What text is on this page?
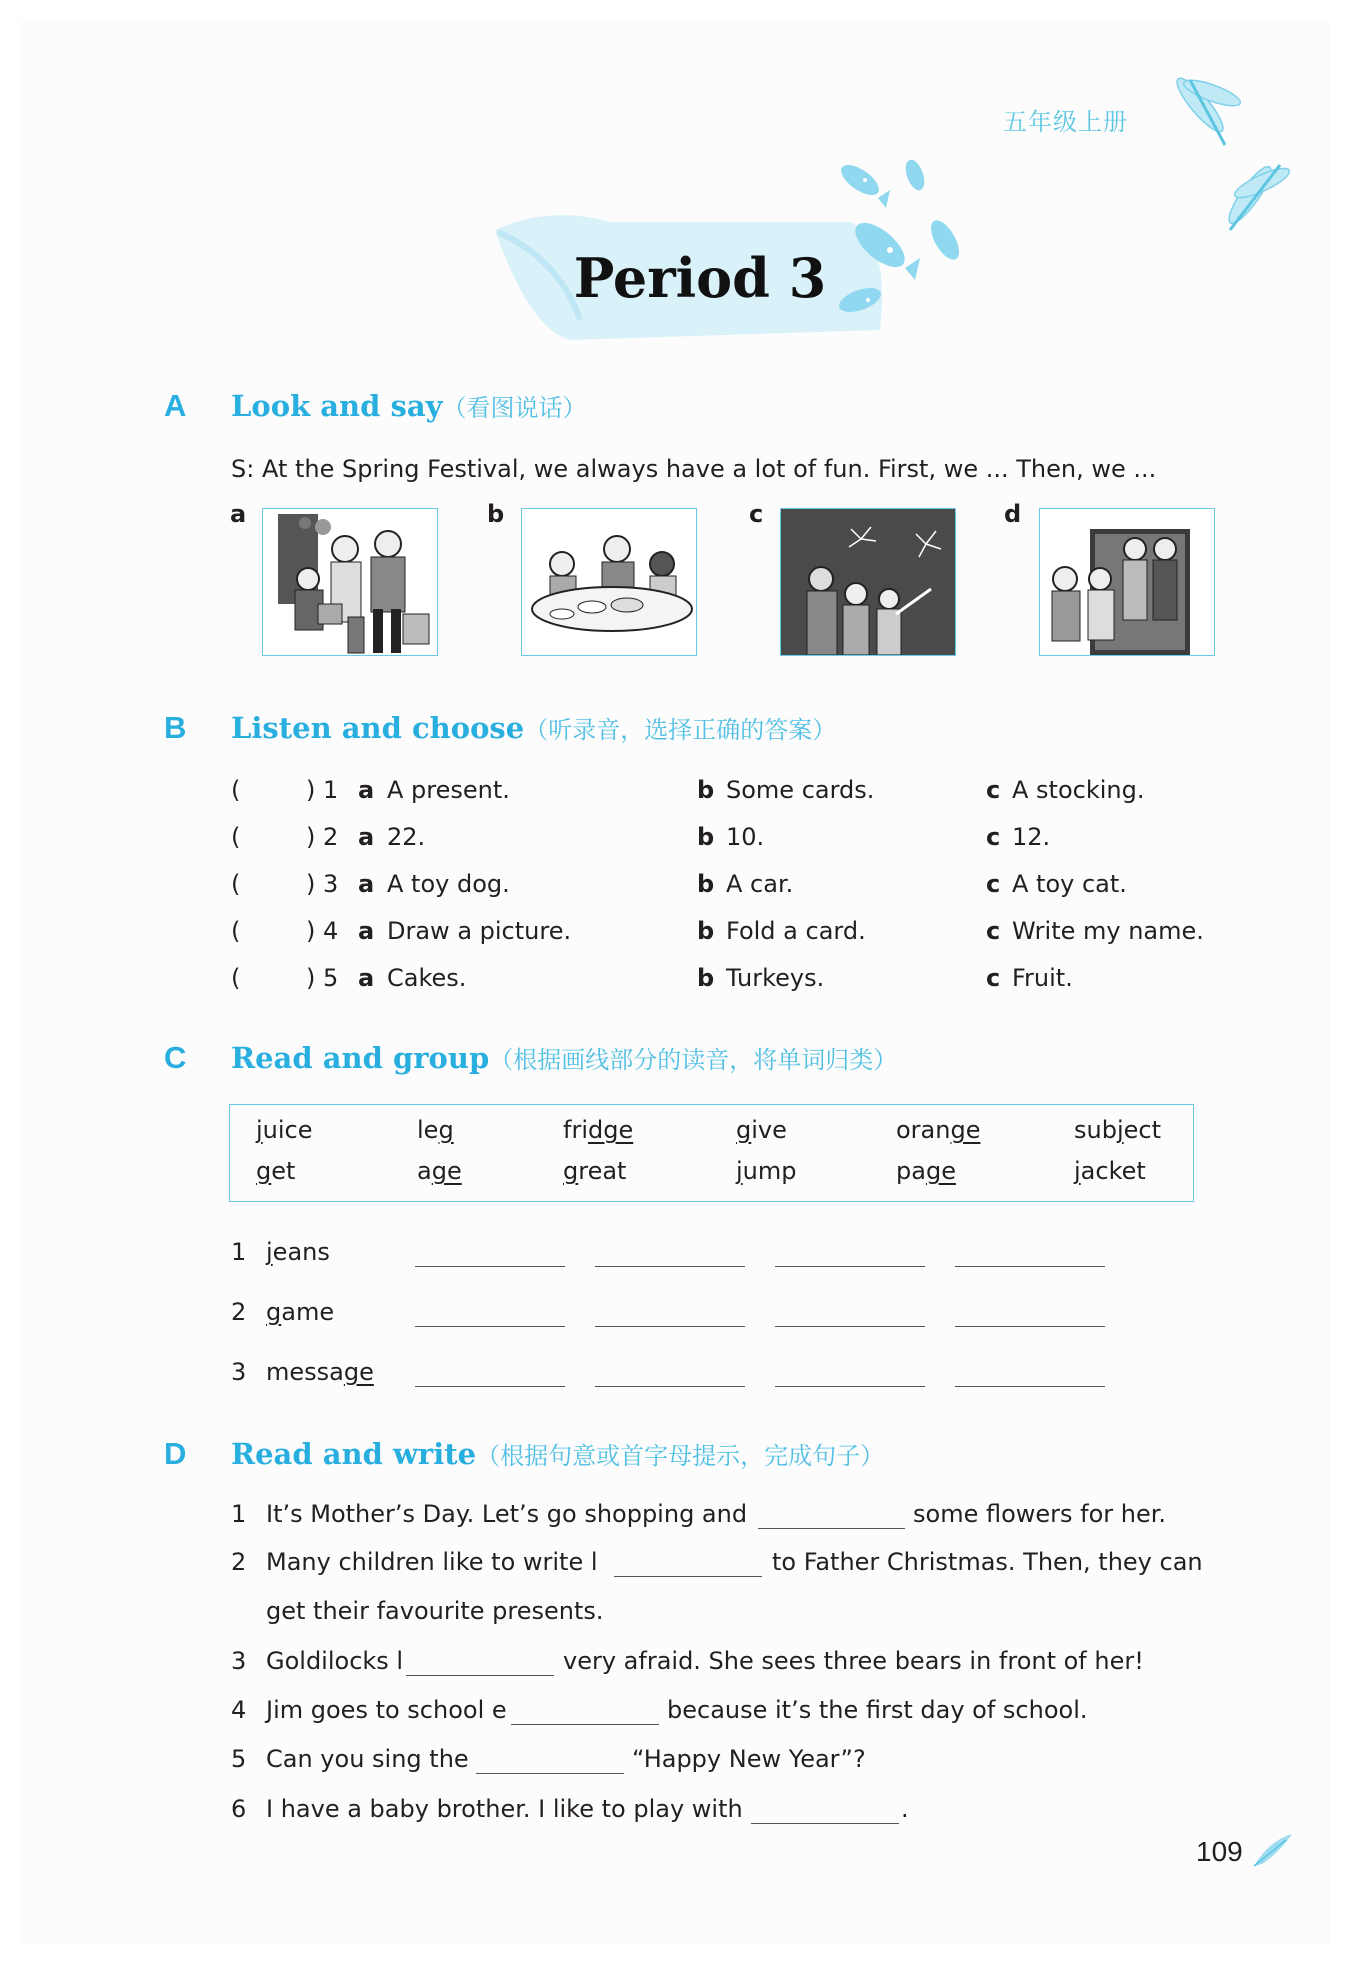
五年级上册
Period 3
A Look and say（看图说话）
S: At the Spring Festival, we always have a lot of fun. First, we ... Then, we ...
a	b	c	d
B Listen and choose（听录音，选择正确的答案）
(	) 1 a A present.	b Some cards.	c A stocking.
(	) 2 a 22.	b 10.	c 12.
(	) 3 a A toy dog.	b A car.	c A toy cat.
(	) 4 a Draw a picture.	b Fold a card.	c Write my name.
(	) 5 a Cakes.	b Turkeys.	c Fruit.
C Read and group（根据画线部分的读音，将单词归类）
juice	leg	fridge	give	orange	subject
get	age	great	jump	page	jacket
1 jeans
2 game
3 message
D Read and write（根据句意或首字母提示，完成句子）
1 It’s Mother’s Day. Let’s go shopping and	some flowers for her.
2 Many children like to write l	to Father Christmas. Then, they can
get their favourite presents.
3 Goldilocks l	very afraid. She sees three bears in front of her!
4 Jim goes to school e	because it’s the first day of school.
5 Can you sing the	“Happy New Year”?
6 I have a baby brother. I like to play with	.
109
